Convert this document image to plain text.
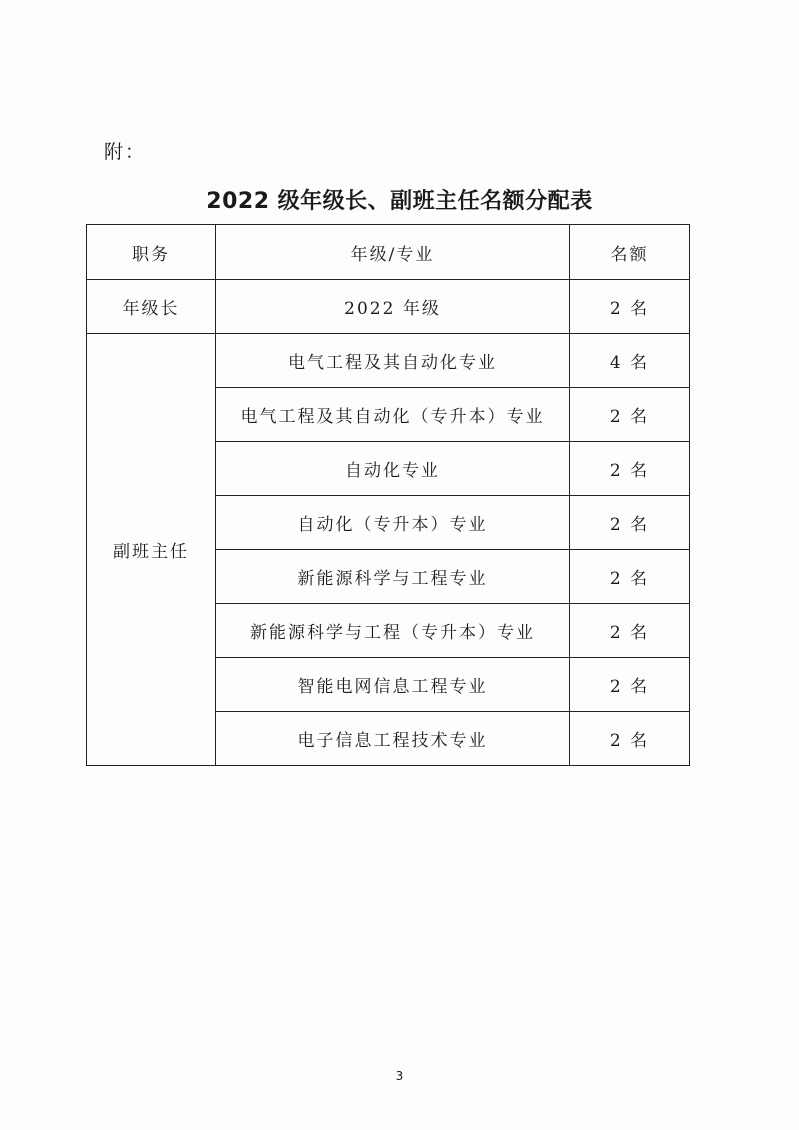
附：
2022 级年级长、副班主任名额分配表
职务	年级/专业	名额
年级长	2022 年级	2 名
副班主任	电气工程及其自动化专业	4 名
	电气工程及其自动化（专升本）专业	2 名
	自动化专业	2 名
	自动化（专升本）专业	2 名
	新能源科学与工程专业	2 名
	新能源科学与工程（专升本）专业	2 名
	智能电网信息工程专业	2 名
	电子信息工程技术专业	2 名
3
